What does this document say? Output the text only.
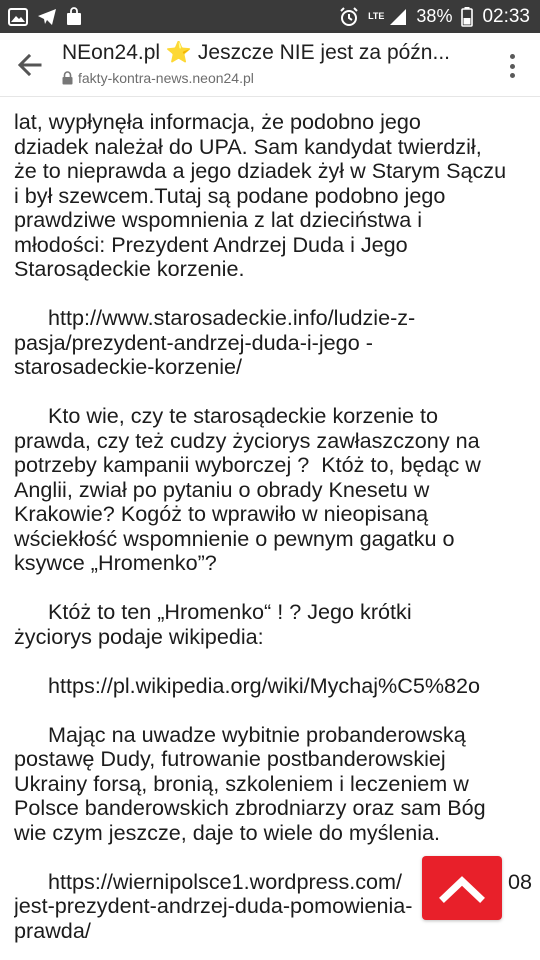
LTE 38% 02:33
NEon24.pl ⭐ Jeszcze NIE jest za późn...
fakty-kontra-news.neon24.pl

lat, wypłynęła informacja, że podobno jego

dziadek należał do UPA. Sam kandydat twierdził,

że to nieprawda a jego dziadek żył w Starym Sączu

i był szewcem.Tutaj są podane podobno jego

prawdziwe wspomnienia z lat dzieciństwa i

młodości: Prezydent Andrzej Duda i Jego

Starosądeckie korzenie.

http://www.starosadeckie.info/ludzie-z-

pasja/prezydent-andrzej-duda-i-jego -

starosadeckie-korzenie/

Kto wie, czy te starosądeckie korzenie to

prawda, czy też cudzy życiorys zawłaszczony na

potrzeby kampanii wyborczej ?  Któż to, będąc w

Anglii, zwiał po pytaniu o obrady Knesetu w

Krakowie? Kogóż to wprawiło w nieopisaną

wściekłość wspomnienie o pewnym gagatku o

ksywce „Hromenko”?

Któż to ten „Hromenko“ ! ? Jego krótki

życiorys podaje wikipedia:

https://pl.wikipedia.org/wiki/Mychaj%C5%82o

Mając na uwadze wybitnie probanderowską

postawę Dudy, futrowanie postbanderowskiej

Ukrainy forsą, bronią, szkoleniem i leczeniem w

Polsce banderowskich zbrodniarzy oraz sam Bóg

wie czym jeszcze, daje to wiele do myślenia.

https://wiernipolsce1.wordpress.com/	08

jest-prezydent-andrzej-duda-pomowienia-

prawda/
